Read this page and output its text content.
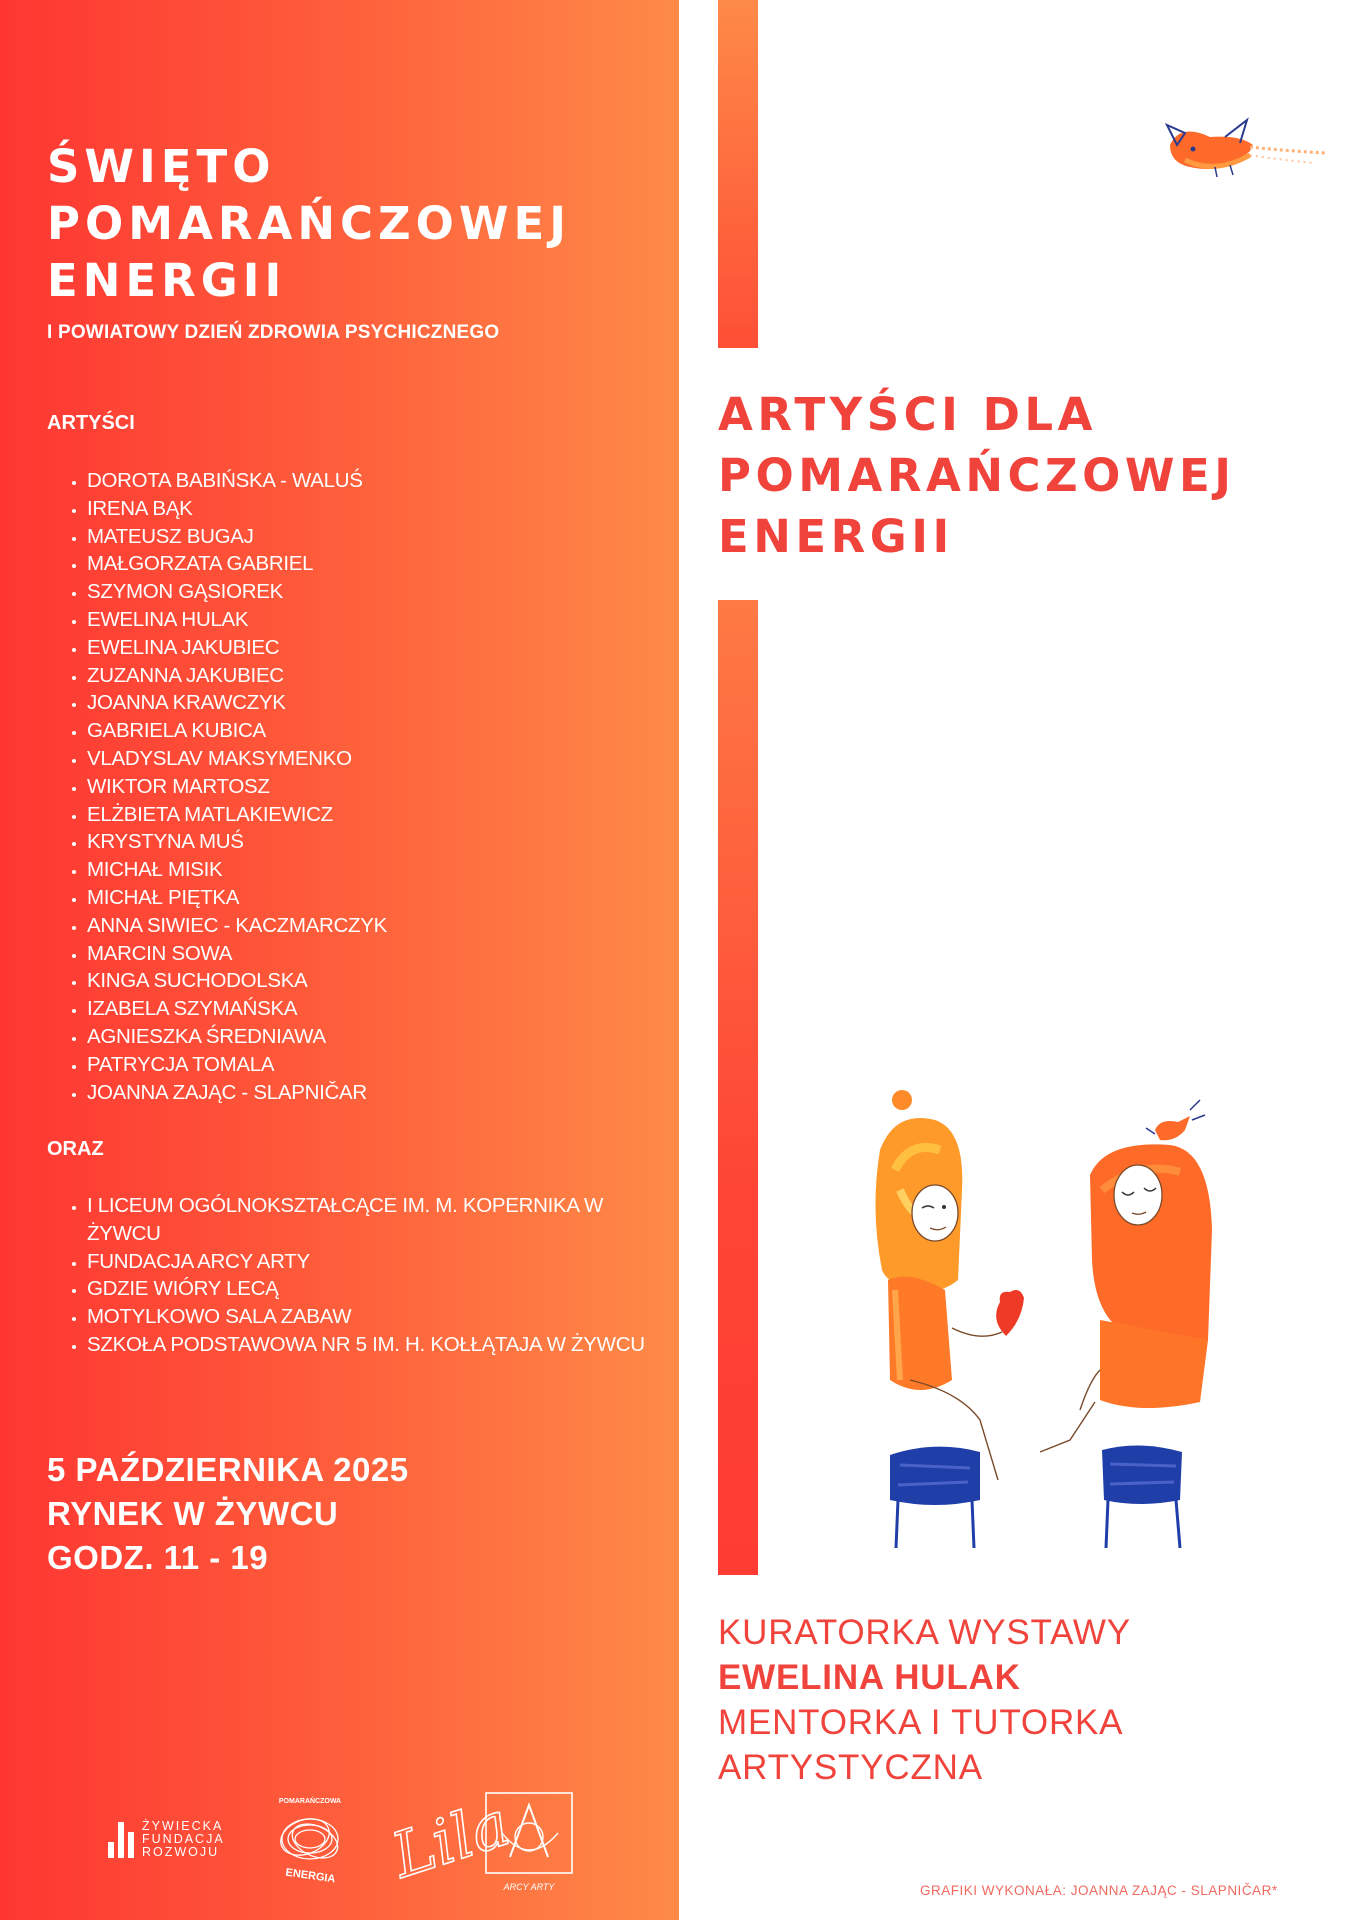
ŚWIĘTO
POMARAŃCZOWEJ
ENERGII
I POWIATOWY DZIEŃ ZDROWIA PSYCHICZNEGO
ARTYŚCI
• DOROTA BABIŃSKA - WALUŚ
• IRENA BĄK
• MATEUSZ BUGAJ
• MAŁGORZATA GABRIEL
• SZYMON GĄSIOREK
• EWELINA HULAK
• EWELINA JAKUBIEC
• ZUZANNA JAKUBIEC
• JOANNA KRAWCZYK
• GABRIELA KUBICA
• VLADYSLAV MAKSYMENKO
• WIKTOR MARTOSZ
• ELŻBIETA MATLAKIEWICZ
• KRYSTYNA MUŚ
• MICHAŁ MISIK
• MICHAŁ PIĘTKA
• ANNA SIWIEC - KACZMARCZYK
• MARCIN SOWA
• KINGA SUCHODOLSKA
• IZABELA SZYMAŃSKA
• AGNIESZKA ŚREDNIAWA
• PATRYCJA TOMALA
• JOANNA ZAJĄC - SLAPNIČAR
ORAZ
• I LICEUM OGÓLNOKSZTAŁCĄCE IM. M. KOPERNIKA W ŻYWCU
• FUNDACJA ARCY ARTY
• GDZIE WIÓRY LECĄ
• MOTYLKOWO SALA ZABAW
• SZKOŁA PODSTAWOWA NR 5 IM. H. KOŁŁĄTAJA W ŻYWCU
5 PAŹDZIERNIKA 2025
RYNEK W ŻYWCU
GODZ. 11 - 19
ŻYWIECKA
FUNDACJA
ROZWOJU
POMARAŃCZOWA
ENERGIA Lila
ARCY ARTY
ARTYŚCI DLA
POMARAŃCZOWEJ
ENERGII
KURATORKA WYSTAWY
EWELINA HULAK
MENTORKA I TUTORKA
ARTYSTYCZNA
GRAFIKI WYKONAŁA: JOANNA ZAJĄC - SLAPNIČAR*
